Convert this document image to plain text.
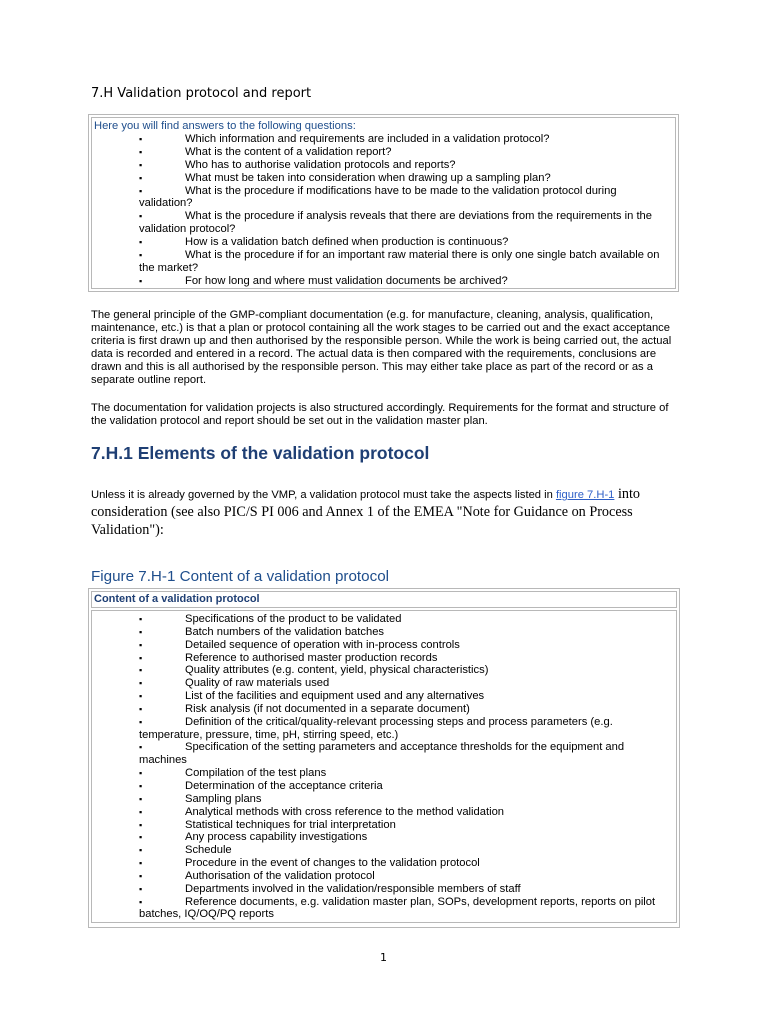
7.H Validation protocol and report
Here you will find answers to the following questions:
▪	Which information and requirements are included in a validation protocol?
▪	What is the content of a validation report?
▪	Who has to authorise validation protocols and reports?
▪	What must be taken into consideration when drawing up a sampling plan?
▪	What is the procedure if modifications have to be made to the validation protocol during validation?
▪	What is the procedure if analysis reveals that there are deviations from the requirements in the validation protocol?
▪	How is a validation batch defined when production is continuous?
▪	What is the procedure if for an important raw material there is only one single batch available on the market?
▪	For how long and where must validation documents be archived?
The general principle of the GMP-compliant documentation (e.g. for manufacture, cleaning, analysis, qualification, maintenance, etc.) is that a plan or protocol containing all the work stages to be carried out and the exact acceptance criteria is first drawn up and then authorised by the responsible person. While the work is being carried out, the actual data is recorded and entered in a record. The actual data is then compared with the requirements, conclusions are drawn and this is all authorised by the responsible person. This may either take place as part of the record or as a separate outline report.
The documentation for validation projects is also structured accordingly. Requirements for the format and structure of the validation protocol and report should be set out in the validation master plan.
7.H.1 Elements of the validation protocol
Unless it is already governed by the VMP, a validation protocol must take the aspects listed in figure 7.H-1 into consideration (see also PIC/S PI 006 and Annex 1 of the EMEA "Note for Guidance on Process Validation"):
Figure 7.H-1 Content of a validation protocol
Content of a validation protocol
▪	Specifications of the product to be validated
▪	Batch numbers of the validation batches
▪	Detailed sequence of operation with in-process controls
▪	Reference to authorised master production records
▪	Quality attributes (e.g. content, yield, physical characteristics)
▪	Quality of raw materials used
▪	List of the facilities and equipment used and any alternatives
▪	Risk analysis (if not documented in a separate document)
▪	Definition of the critical/quality-relevant processing steps and process parameters (e.g. temperature, pressure, time, pH, stirring speed, etc.)
▪	Specification of the setting parameters and acceptance thresholds for the equipment and machines
▪	Compilation of the test plans
▪	Determination of the acceptance criteria
▪	Sampling plans
▪	Analytical methods with cross reference to the method validation
▪	Statistical techniques for trial interpretation
▪	Any process capability investigations
▪	Schedule
▪	Procedure in the event of changes to the validation protocol
▪	Authorisation of the validation protocol
▪	Departments involved in the validation/responsible members of staff
▪	Reference documents, e.g. validation master plan, SOPs, development reports, reports on pilot batches, IQ/OQ/PQ reports
1
